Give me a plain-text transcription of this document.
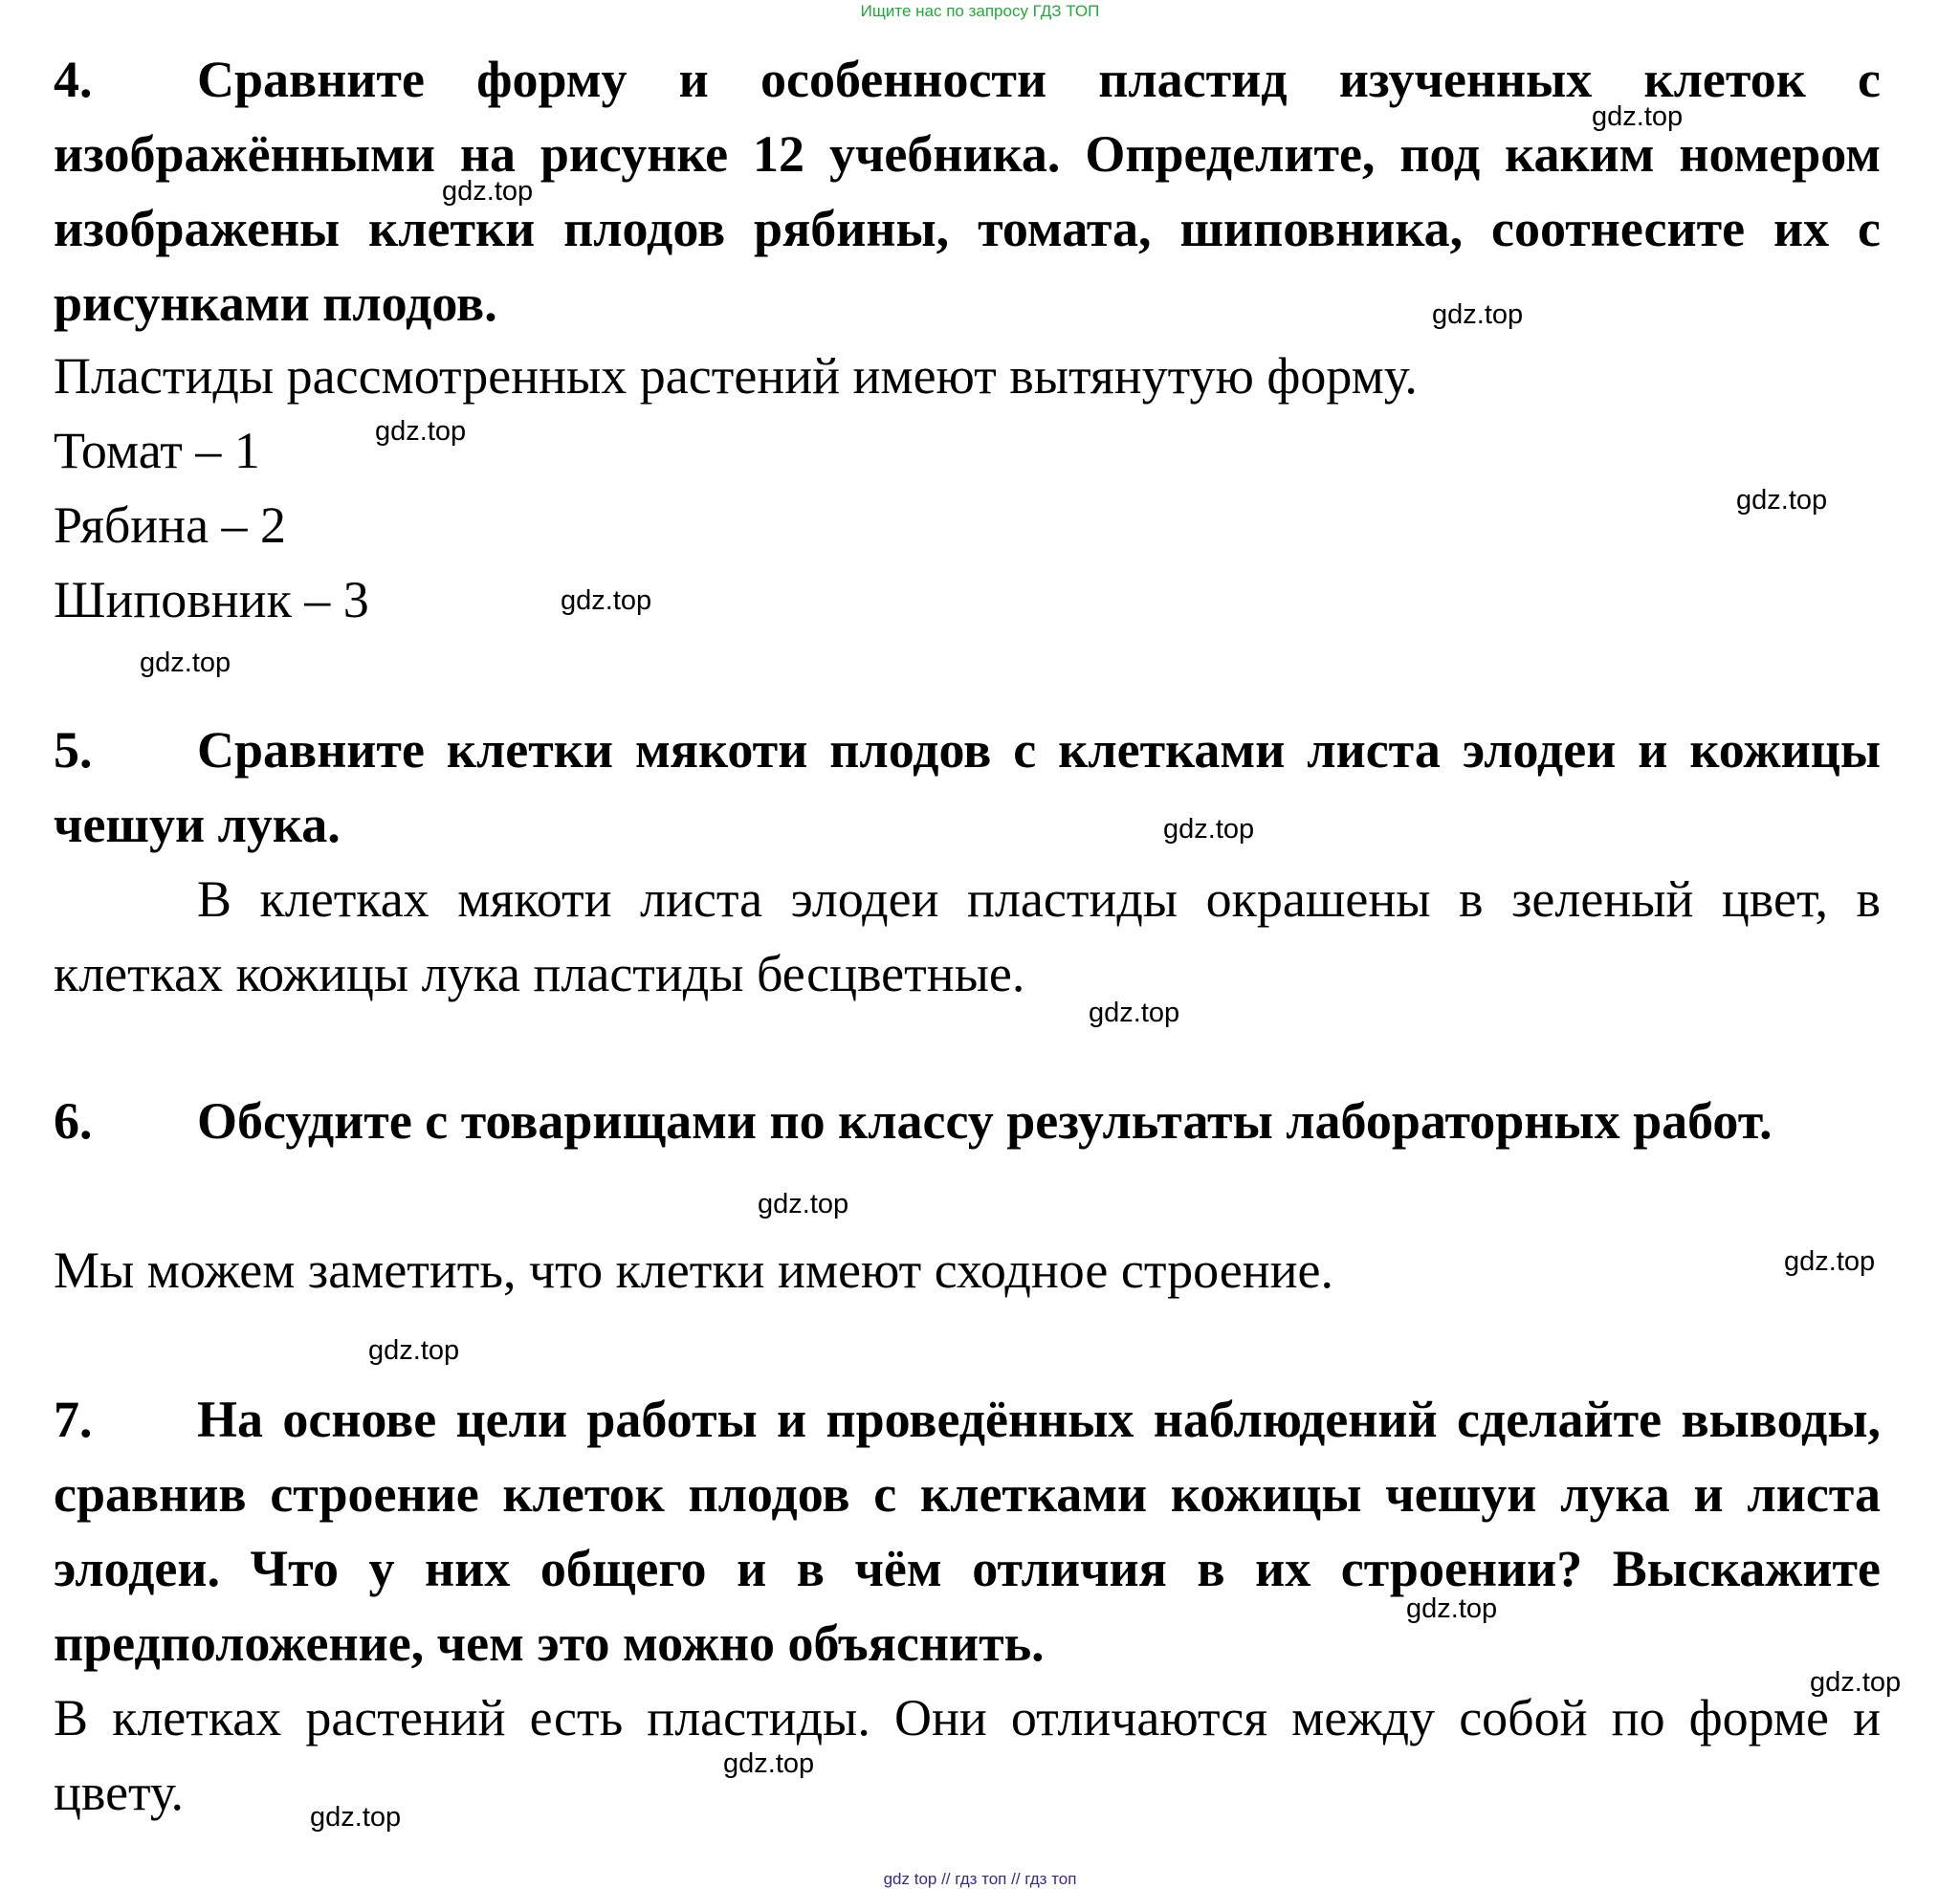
Ищите нас по запросу ГДЗ ТОП
4. Сравните форму и особенности пластид изученных клеток с изображёнными на рисунке 12 учебника. Определите, под каким номером изображены клетки плодов рябины, томата, шиповника, соотнесите их с рисунками плодов.
Пластиды рассмотренных растений имеют вытянутую форму.
Томат – 1
Рябина – 2
Шиповник – 3
5. Сравните клетки мякоти плодов с клетками листа элодеи и кожицы чешуи лука.
В клетках мякоти листа элодеи пластиды окрашены в зеленый цвет, в клетках кожицы лука пластиды бесцветные.
6. Обсудите с товарищами по классу результаты лабораторных работ.
Мы можем заметить, что клетки имеют сходное строение.
7. На основе цели работы и проведённых наблюдений сделайте выводы, сравнив строение клеток плодов с клетками кожицы чешуи лука и листа элодеи. Что у них общего и в чём отличия в их строении? Выскажите предположение, чем это можно объяснить.
В клетках растений есть пластиды. Они отличаются между собой по форме и цвету.
gdz.top
gdz.top
gdz.top
gdz.top
gdz.top
gdz.top
gdz.top
gdz.top
gdz.top
gdz.top
gdz.top
gdz.top
gdz.top
gdz.top
gdz.top
gdz.top
gdz top // гдз топ // гдз топ
